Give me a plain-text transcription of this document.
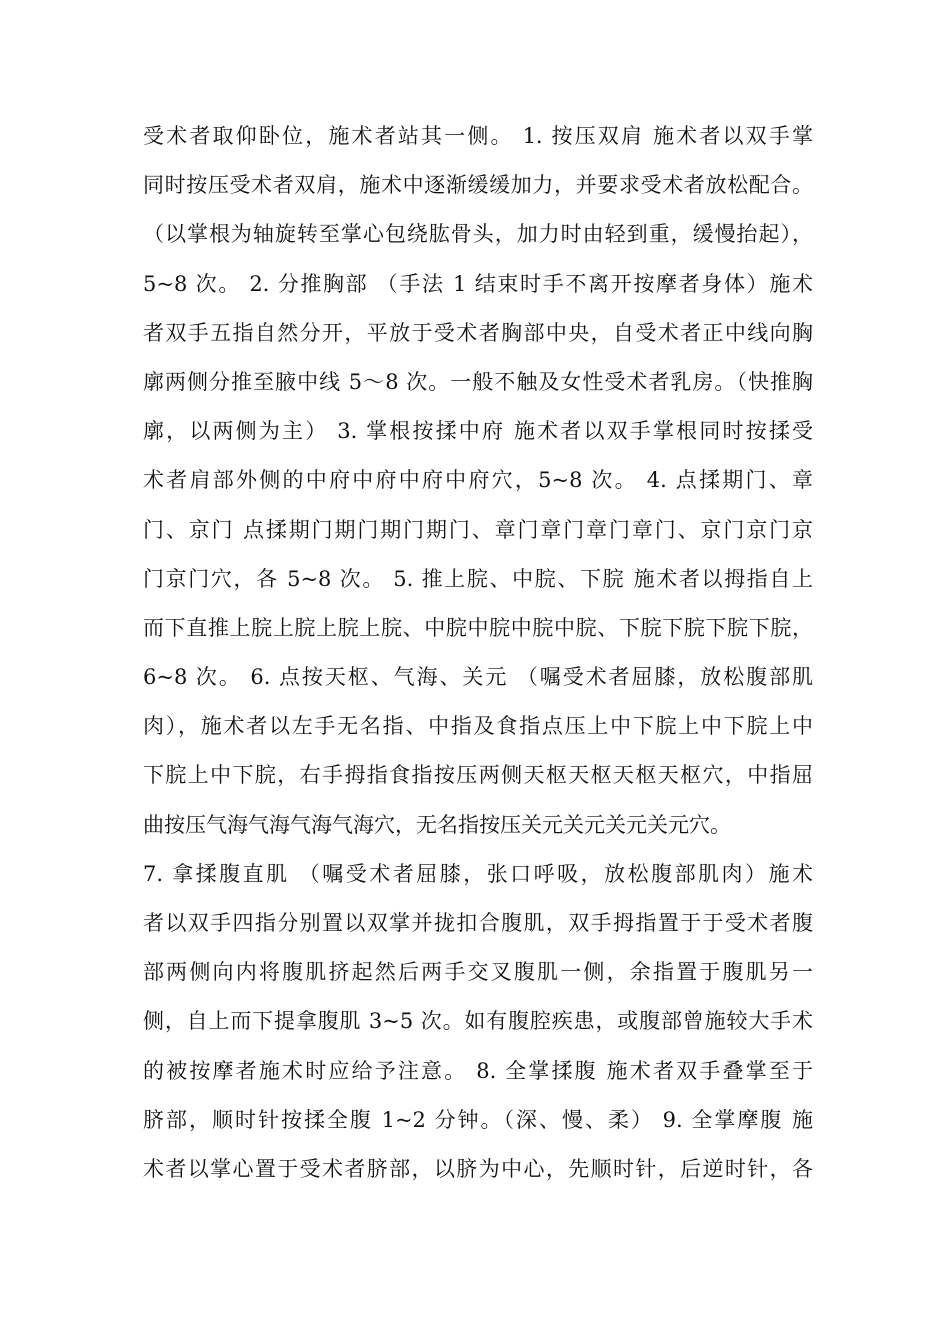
受术者取仰卧位，施术者站其一侧。 1. 按压双肩 施术者以双手掌
同时按压受术者双肩，施术中逐渐缓缓加力，并要求受术者放松配合。
（以掌根为轴旋转至掌心包绕肱骨头，加力时由轻到重，缓慢抬起），
5~8 次。 2. 分推胸部 （手法 1 结束时手不离开按摩者身体）施术
者双手五指自然分开，平放于受术者胸部中央，自受术者正中线向胸
廓两侧分推至腋中线 5～8 次。一般不触及女性受术者乳房。（快推胸
廓，以两侧为主） 3. 掌根按揉中府 施术者以双手掌根同时按揉受
术者肩部外侧的中府中府中府中府穴，5~8 次。 4. 点揉期门、章
门、京门 点揉期门期门期门期门、章门章门章门章门、京门京门京
门京门穴，各 5~8 次。 5. 推上脘、中脘、下脘 施术者以拇指自上
而下直推上脘上脘上脘上脘、中脘中脘中脘中脘、下脘下脘下脘下脘，
6~8 次。 6. 点按天枢、气海、关元 （嘱受术者屈膝，放松腹部肌
肉），施术者以左手无名指、中指及食指点压上中下脘上中下脘上中
下脘上中下脘，右手拇指食指按压两侧天枢天枢天枢天枢穴，中指屈
曲按压气海气海气海气海穴，无名指按压关元关元关元关元穴。
7. 拿揉腹直肌 （嘱受术者屈膝，张口呼吸，放松腹部肌肉）施术
者以双手四指分别置以双掌并拢扣合腹肌，双手拇指置于于受术者腹
部两侧向内将腹肌挤起然后两手交叉腹肌一侧，余指置于腹肌另一
侧，自上而下提拿腹肌 3~5 次。如有腹腔疾患，或腹部曾施较大手术
的被按摩者施术时应给予注意。 8. 全掌揉腹 施术者双手叠掌至于
脐部，顺时针按揉全腹 1~2 分钟。（深、慢、柔） 9. 全掌摩腹 施
术者以掌心置于受术者脐部，以脐为中心，先顺时针，后逆时针，各
